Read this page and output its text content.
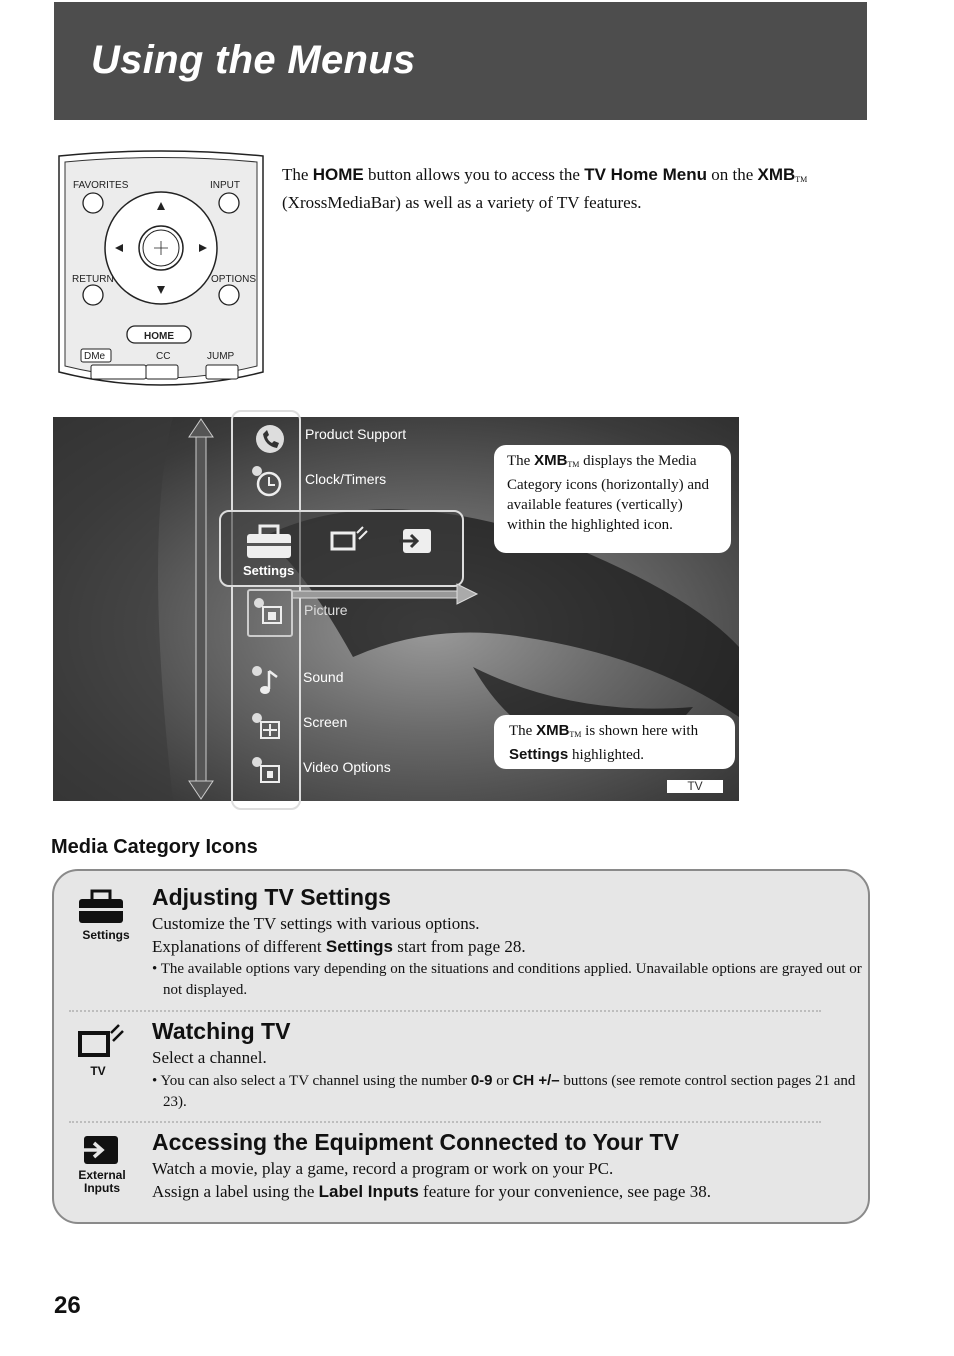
Using the Menus
FAVORITES	INPUT
RETURN	OPTIONS
HOME
DMe	CC	JUMP
The HOME button allows you to access the TV Home Menu on the $XMB_{TM}$
(XrossMediaBar) as well as a variety of TV features.
Settings
Product Support
Clock/Timers
Picture
Sound
Screen
Video Options
The $XMB_{TM}$ displays the Media Category icons (horizontally) and available features (vertically) within the highlighted icon.
The $XMB_{TM}$ is shown here with Settings highlighted.
TV
Media Category Icons
Settings
Adjusting TV Settings
Customize the TV settings with various options.
Explanations of different Settings start from page 28.
• The available options vary depending on the situations and conditions applied. Unavailable options are grayed out or not displayed.
TV
Watching TV
Select a channel.
• You can also select a TV channel using the number 0-9 or CH +/– buttons (see remote control section pages 21 and 23).
External
Inputs
Accessing the Equipment Connected to Your TV
Watch a movie, play a game, record a program or work on your PC.
Assign a label using the Label Inputs feature for your convenience, see page 38.
26
